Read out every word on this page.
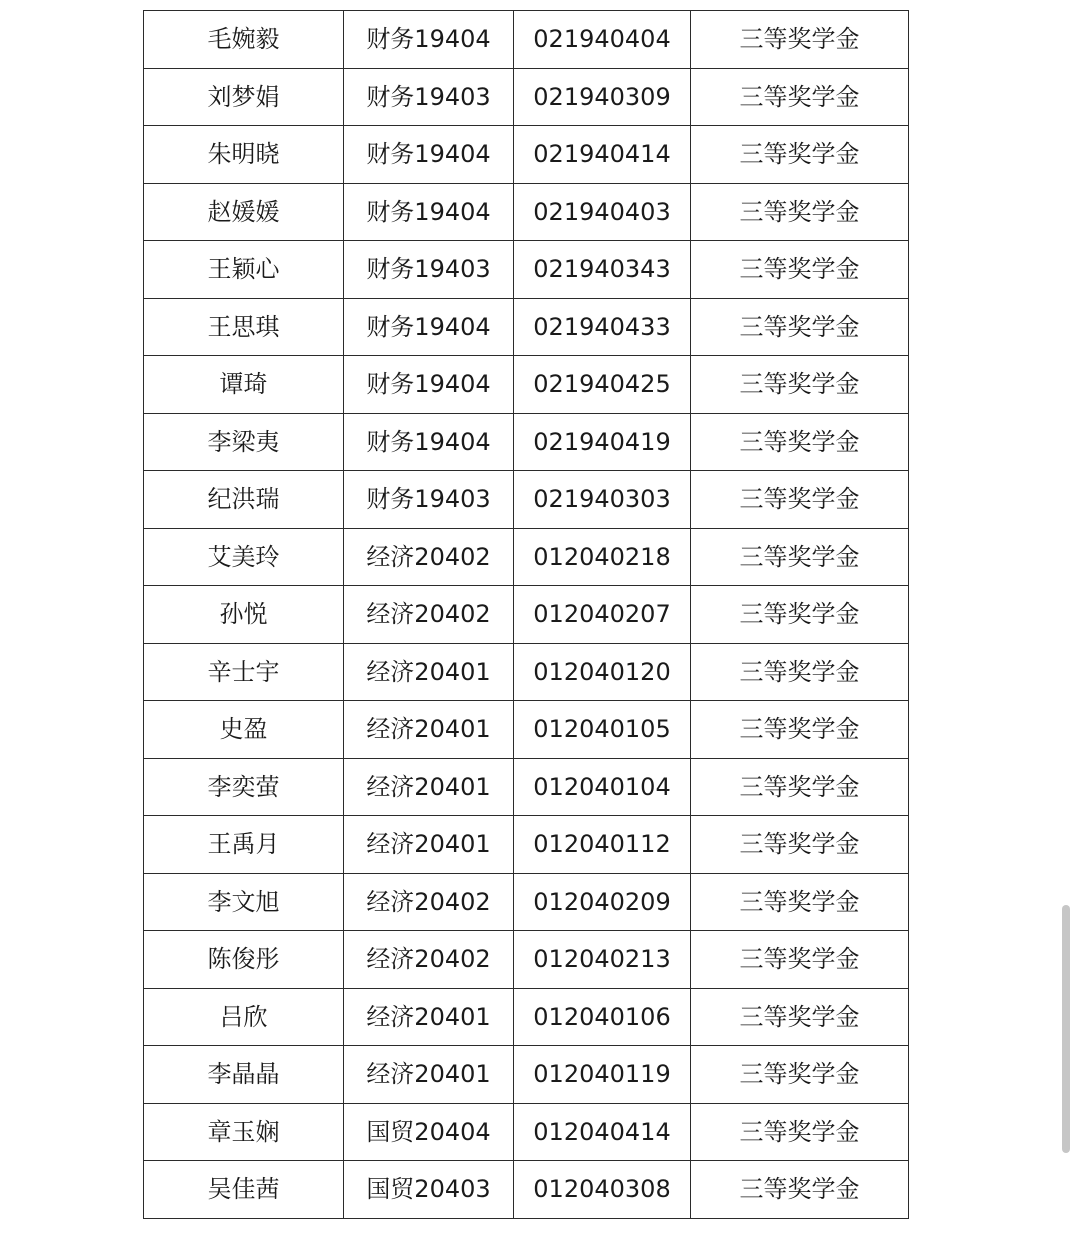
毛婉毅	财务19404	021940404	三等奖学金
刘梦娟	财务19403	021940309	三等奖学金
朱明晓	财务19404	021940414	三等奖学金
赵媛媛	财务19404	021940403	三等奖学金
王颖心	财务19403	021940343	三等奖学金
王思琪	财务19404	021940433	三等奖学金
谭琦	财务19404	021940425	三等奖学金
李梁夷	财务19404	021940419	三等奖学金
纪洪瑞	财务19403	021940303	三等奖学金
艾美玲	经济20402	012040218	三等奖学金
孙悦	经济20402	012040207	三等奖学金
辛士宇	经济20401	012040120	三等奖学金
史盈	经济20401	012040105	三等奖学金
李奕萤	经济20401	012040104	三等奖学金
王禹月	经济20401	012040112	三等奖学金
李文旭	经济20402	012040209	三等奖学金
陈俊彤	经济20402	012040213	三等奖学金
吕欣	经济20401	012040106	三等奖学金
李晶晶	经济20401	012040119	三等奖学金
章玉娴	国贸20404	012040414	三等奖学金
吴佳茜	国贸20403	012040308	三等奖学金
